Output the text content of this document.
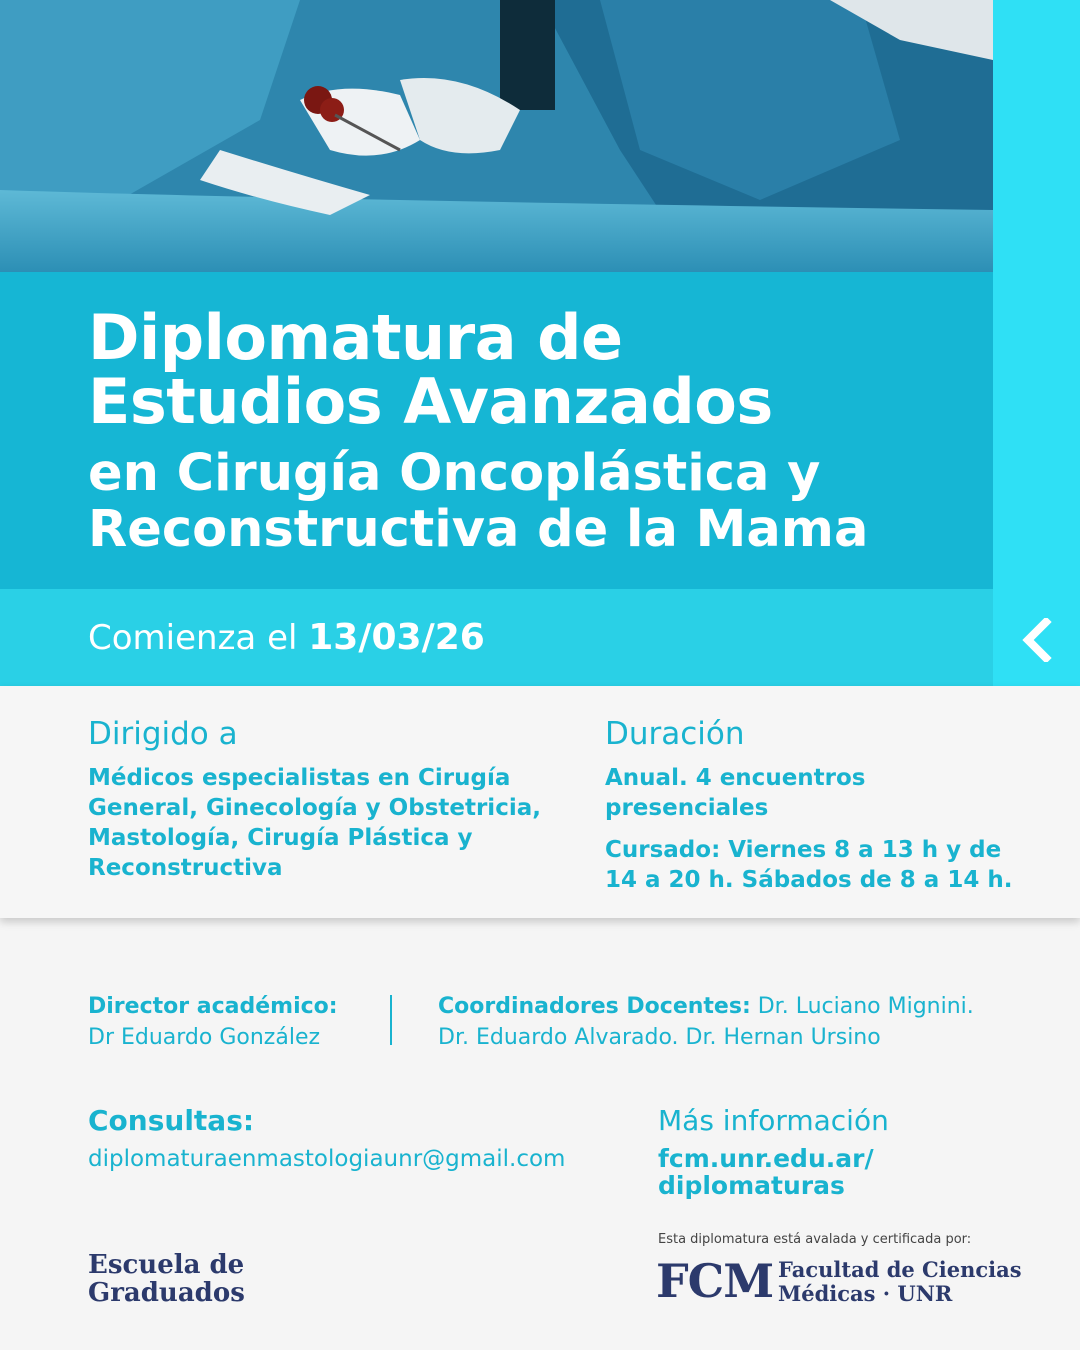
Diplomatura de
Estudios Avanzados
en Cirugía Oncoplástica y
Reconstructiva de la Mama
Comienza el 13/03/26
Dirigido a
Médicos especialistas en Cirugía
General, Ginecología y Obstetricia,
Mastología, Cirugía Plástica y
Reconstructiva
Duración
Anual. 4 encuentros
presenciales
Cursado: Viernes 8 a 13 h y de
14 a 20 h. Sábados de 8 a 14 h.
Director académico:
Dr Eduardo González
Coordinadores Docentes: Dr. Luciano Mignini.
Dr. Eduardo Alvarado. Dr. Hernan Ursino
Consultas:
diplomaturaenmastologiaunr@gmail.com
Más información
fcm.unr.edu.ar/
diplomaturas
Escuela de
Graduados
Esta diplomatura está avalada y certificada por:
FCM Facultad de Ciencias
Médicas · UNR
